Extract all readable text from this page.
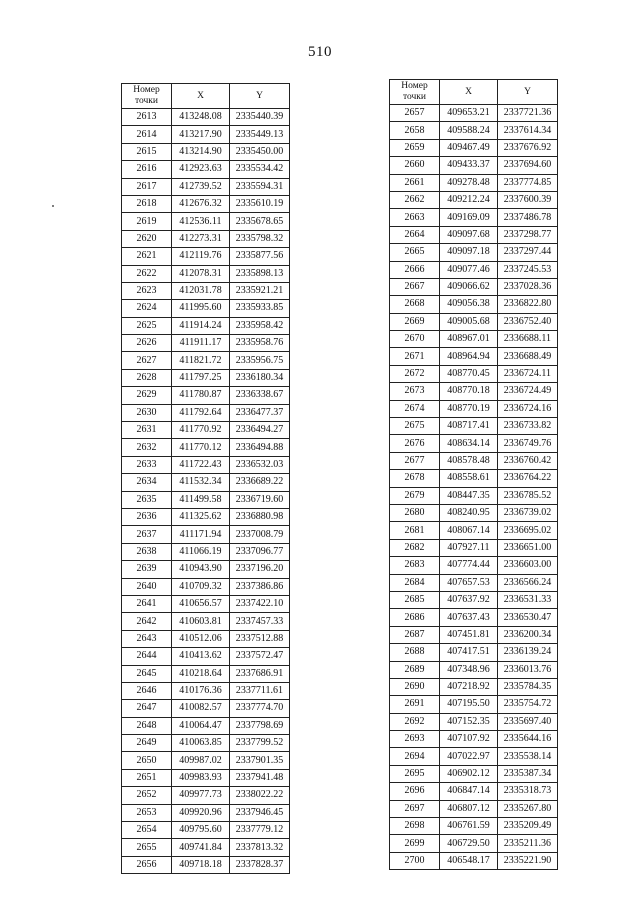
510
Номер точки	X	Y
2613	413248.08	2335440.39
2614	413217.90	2335449.13
2615	413214.90	2335450.00
2616	412923.63	2335534.42
2617	412739.52	2335594.31
2618	412676.32	2335610.19
2619	412536.11	2335678.65
2620	412273.31	2335798.32
2621	412119.76	2335877.56
2622	412078.31	2335898.13
2623	412031.78	2335921.21
2624	411995.60	2335933.85
2625	411914.24	2335958.42
2626	411911.17	2335958.76
2627	411821.72	2335956.75
2628	411797.25	2336180.34
2629	411780.87	2336338.67
2630	411792.64	2336477.37
2631	411770.92	2336494.27
2632	411770.12	2336494.88
2633	411722.43	2336532.03
2634	411532.34	2336689.22
2635	411499.58	2336719.60
2636	411325.62	2336880.98
2637	411171.94	2337008.79
2638	411066.19	2337096.77
2639	410943.90	2337196.20
2640	410709.32	2337386.86
2641	410656.57	2337422.10
2642	410603.81	2337457.33
2643	410512.06	2337512.88
2644	410413.62	2337572.47
2645	410218.64	2337686.91
2646	410176.36	2337711.61
2647	410082.57	2337774.70
2648	410064.47	2337798.69
2649	410063.85	2337799.52
2650	409987.02	2337901.35
2651	409983.93	2337941.48
2652	409977.73	2338022.22
2653	409920.96	2337946.45
2654	409795.60	2337779.12
2655	409741.84	2337813.32
2656	409718.18	2337828.37
Номер точки	X	Y
2657	409653.21	2337721.36
2658	409588.24	2337614.34
2659	409467.49	2337676.92
2660	409433.37	2337694.60
2661	409278.48	2337774.85
2662	409212.24	2337600.39
2663	409169.09	2337486.78
2664	409097.68	2337298.77
2665	409097.18	2337297.44
2666	409077.46	2337245.53
2667	409066.62	2337028.36
2668	409056.38	2336822.80
2669	409005.68	2336752.40
2670	408967.01	2336688.11
2671	408964.94	2336688.49
2672	408770.45	2336724.11
2673	408770.18	2336724.49
2674	408770.19	2336724.16
2675	408717.41	2336733.82
2676	408634.14	2336749.76
2677	408578.48	2336760.42
2678	408558.61	2336764.22
2679	408447.35	2336785.52
2680	408240.95	2336739.02
2681	408067.14	2336695.02
2682	407927.11	2336651.00
2683	407774.44	2336603.00
2684	407657.53	2336566.24
2685	407637.92	2336531.33
2686	407637.43	2336530.47
2687	407451.81	2336200.34
2688	407417.51	2336139.24
2689	407348.96	2336013.76
2690	407218.92	2335784.35
2691	407195.50	2335754.72
2692	407152.35	2335697.40
2693	407107.92	2335644.16
2694	407022.97	2335538.14
2695	406902.12	2335387.34
2696	406847.14	2335318.73
2697	406807.12	2335267.80
2698	406761.59	2335209.49
2699	406729.50	2335211.36
2700	406548.17	2335221.90
